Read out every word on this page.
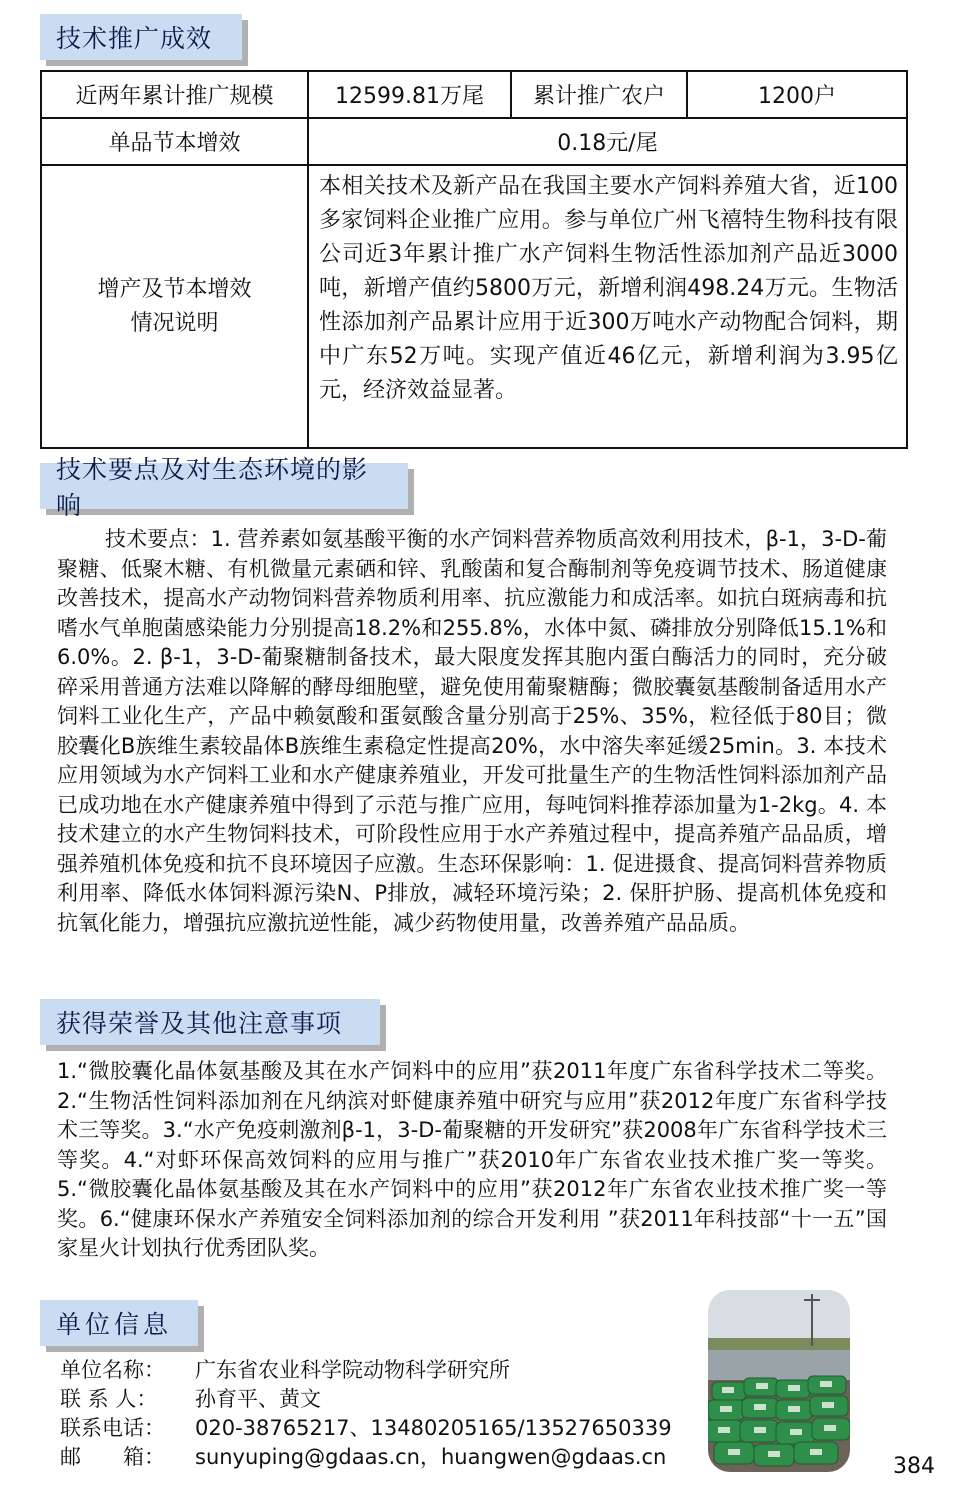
技术推广成效
近两年累计推广规模	12599.81万尾	累计推广农户	1200户
单品节本增效	0.18元/尾		

增产及节本增效
情况说明	本相关技术及新产品在我国主要水产饲料养殖大省，近100多家饲料企业推广应用。参与单位广州飞禧特生物科技有限公司近3年累计推广水产饲料生物活性添加剂产品近3000吨，新增产值约5800万元，新增利润498.24万元。生物活性添加剂产品累计应用于近300万吨水产动物配合饲料，期中广东52万吨。实现产值近46亿元，新增利润为3.95亿元，经济效益显著。		
技术要点及对生态环境的影响
技术要点：1. 营养素如氨基酸平衡的水产饲料营养物质高效利用技术，β-1，3-D-葡聚糖、低聚木糖、有机微量元素硒和锌、乳酸菌和复合酶制剂等免疫调节技术、肠道健康改善技术，提高水产动物饲料营养物质利用率、抗应激能力和成活率。如抗白斑病毒和抗嗜水气单胞菌感染能力分别提高18.2%和255.8%，水体中氮、磷排放分别降低15.1%和6.0%。2. β-1，3-D-葡聚糖制备技术，最大限度发挥其胞内蛋白酶活力的同时，充分破碎采用普通方法难以降解的酵母细胞壁，避免使用葡聚糖酶；微胶囊氨基酸制备适用水产饲料工业化生产，产品中赖氨酸和蛋氨酸含量分别高于25%、35%，粒径低于80目；微胶囊化B族维生素较晶体B族维生素稳定性提高20%，水中溶失率延缓25min。3. 本技术应用领域为水产饲料工业和水产健康养殖业，开发可批量生产的生物活性饲料添加剂产品已成功地在水产健康养殖中得到了示范与推广应用，每吨饲料推荐添加量为1-2kg。4. 本技术建立的水产生物饲料技术，可阶段性应用于水产养殖过程中，提高养殖产品品质，增强养殖机体免疫和抗不良环境因子应激。生态环保影响：1. 促进摄食、提高饲料营养物质利用率、降低水体饲料源污染N、P排放，减轻环境污染；2. 保肝护肠、提高机体免疫和抗氧化能力，增强抗应激抗逆性能，减少药物使用量，改善养殖产品品质。
获得荣誉及其他注意事项
1.“微胶囊化晶体氨基酸及其在水产饲料中的应用”获2011年度广东省科学技术二等奖。2.“生物活性饲料添加剂在凡纳滨对虾健康养殖中研究与应用”获2012年度广东省科学技术三等奖。3.“水产免疫刺激剂β-1，3-D-葡聚糖的开发研究”获2008年广东省科学技术三等奖。4.“对虾环保高效饲料的应用与推广”获2010年广东省农业技术推广奖一等奖。5.“微胶囊化晶体氨基酸及其在水产饲料中的应用”获2012年广东省农业技术推广奖一等奖。6.“健康环保水产养殖安全饲料添加剂的综合开发利用 ”获2011年科技部“十一五”国家星火计划执行优秀团队奖。
单位信息
单位名称：	广东省农业科学院动物科学研究所
联 系 人：	孙育平、黄文
联系电话：	020-38765217、13480205165/13527650339
邮　　箱：	sunyuping@gdaas.cn，huangwen@gdaas.cn	384
